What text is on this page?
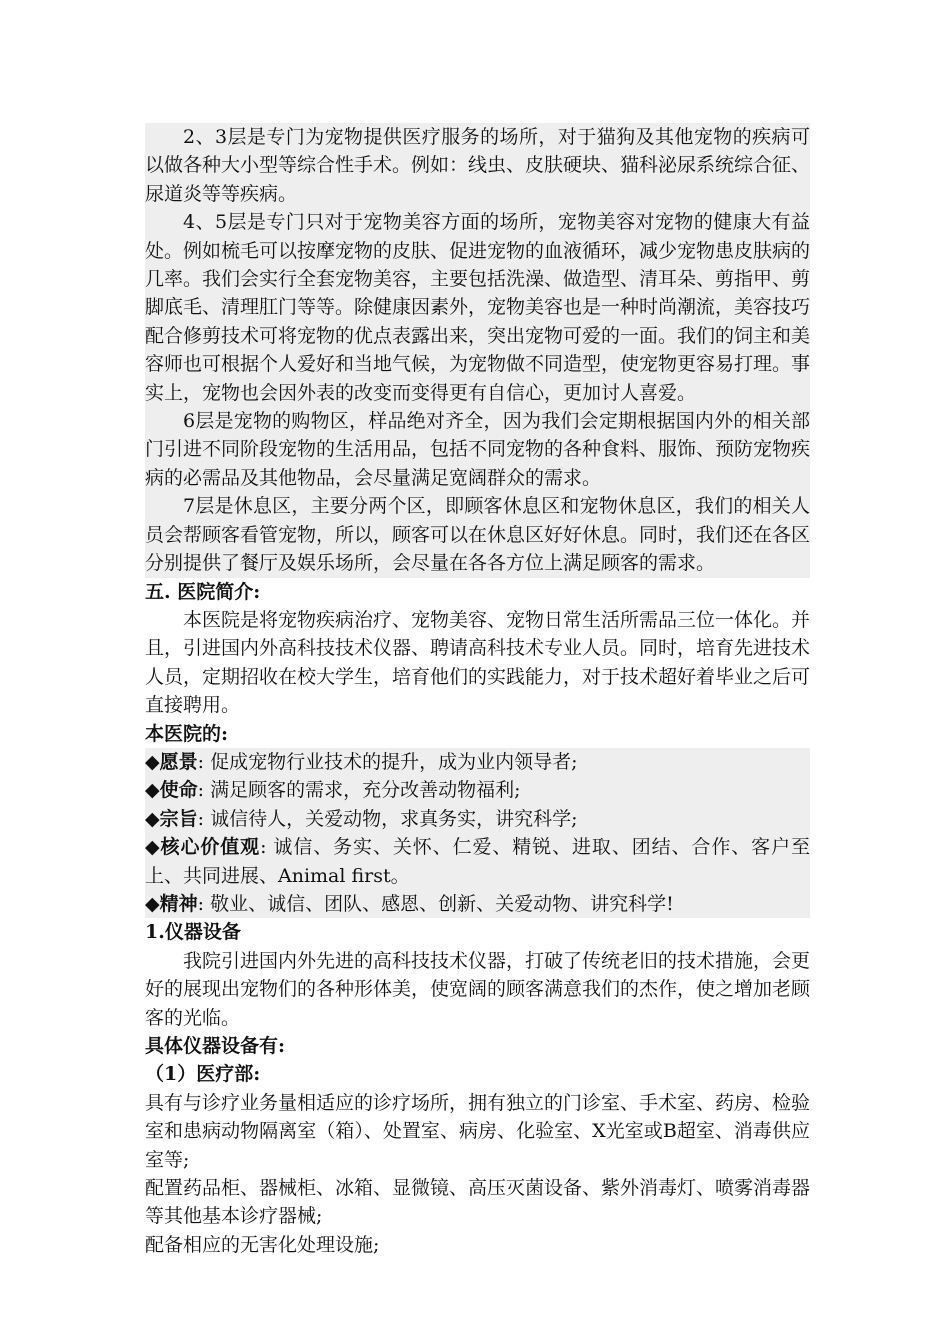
2、3层是专门为宠物提供医疗服务的场所，对于猫狗及其他宠物的疾病可以做各种大小型等综合性手术。例如：线虫、皮肤硬块、猫科泌尿系统综合征、尿道炎等等疾病。

4、5层是专门只对于宠物美容方面的场所，宠物美容对宠物的健康大有益处。例如梳毛可以按摩宠物的皮肤、促进宠物的血液循环，减少宠物患皮肤病的几率。我们会实行全套宠物美容，主要包括洗澡、做造型、清耳朵、剪指甲、剪脚底毛、清理肛门等等。除健康因素外，宠物美容也是一种时尚潮流，美容技巧配合修剪技术可将宠物的优点表露出来，突出宠物可爱的一面。我们的饲主和美容师也可根据个人爱好和当地气候，为宠物做不同造型，使宠物更容易打理。事实上，宠物也会因外表的改变而变得更有自信心，更加讨人喜爱。

6层是宠物的购物区，样品绝对齐全，因为我们会定期根据国内外的相关部门引进不同阶段宠物的生活用品，包括不同宠物的各种食料、服饰、预防宠物疾病的必需品及其他物品，会尽量满足宽阔群众的需求。

7层是休息区，主要分两个区，即顾客休息区和宠物休息区，我们的相关人员会帮顾客看管宠物，所以，顾客可以在休息区好好休息。同时，我们还在各区分别提供了餐厅及娱乐场所，会尽量在各各方位上满足顾客的需求。

五. 医院简介:

本医院是将宠物疾病治疗、宠物美容、宠物日常生活所需品三位一体化。并且，引进国内外高科技技术仪器、聘请高科技术专业人员。同时，培育先进技术人员，定期招收在校大学生，培育他们的实践能力，对于技术超好着毕业之后可直接聘用。

本医院的:

◆愿景: 促成宠物行业技术的提升，成为业内领导者;

◆使命: 满足顾客的需求，充分改善动物福利;

◆宗旨: 诚信待人，关爱动物，求真务实，讲究科学;

◆核心价值观: 诚信、务实、关怀、仁爱、精锐、进取、团结、合作、客户至上、共同进展、Animal first。

◆精神: 敬业、诚信、团队、感恩、创新、关爱动物、讲究科学!

1.仪器设备

我院引进国内外先进的高科技技术仪器，打破了传统老旧的技术措施，会更好的展现出宠物们的各种形体美，使宽阔的顾客满意我们的杰作，使之增加老顾客的光临。

具体仪器设备有:

（1）医疗部:

具有与诊疗业务量相适应的诊疗场所，拥有独立的门诊室、手术室、药房、检验室和患病动物隔离室（箱）、处置室、病房、化验室、X光室或B超室、消毒供应室等;

配置药品柜、器械柜、冰箱、显微镜、高压灭菌设备、紫外消毒灯、喷雾消毒器等其他基本诊疗器械;

配备相应的无害化处理设施;
